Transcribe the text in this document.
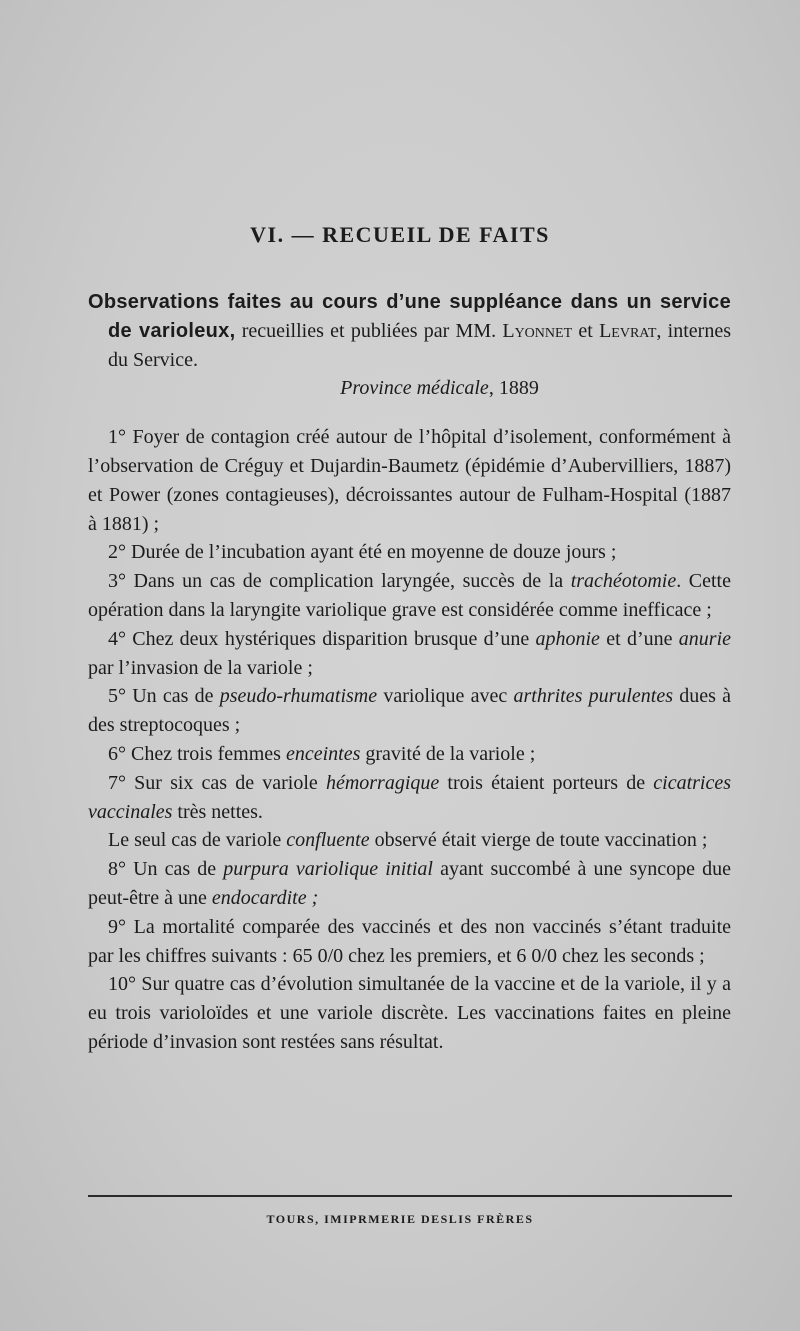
VI. — RECUEIL DE FAITS

Observations faites au cours d’une suppléance dans un service de varioleux, recueillies et publiées par MM. Lyonnet et Levrat, internes du Service.

Province médicale, 1889

1° Foyer de contagion créé autour de l’hôpital d’isolement, conformément à l’observation de Créguy et Dujardin-Baumetz (épidémie d’Aubervilliers, 1887) et Power (zones contagieuses), décroissantes autour de Fulham-Hospital (1887 à 1881) ;

2° Durée de l’incubation ayant été en moyenne de douze jours ;

3° Dans un cas de complication laryngée, succès de la trachéotomie. Cette opération dans la laryngite variolique grave est considérée comme inefficace ;

4° Chez deux hystériques disparition brusque d’une aphonie et d’une anurie par l’invasion de la variole ;

5° Un cas de pseudo-rhumatisme variolique avec arthrites purulentes dues à des streptocoques ;

6° Chez trois femmes enceintes gravité de la variole ;

7° Sur six cas de variole hémorragique trois étaient porteurs de cicatrices vaccinales très nettes.

Le seul cas de variole confluente observé était vierge de toute vaccination ;

8° Un cas de purpura variolique initial ayant succombé à une syncope due peut-être à une endocardite ;

9° La mortalité comparée des vaccinés et des non vaccinés s’étant traduite par les chiffres suivants : 65 0/0 chez les premiers, et 6 0/0 chez les seconds ;

10° Sur quatre cas d’évolution simultanée de la vaccine et de la variole, il y a eu trois varioloïdes et une variole discrète. Les vaccinations faites en pleine période d’invasion sont restées sans résultat.

TOURS, IMIPRMERIE DESLIS FRÈRES
